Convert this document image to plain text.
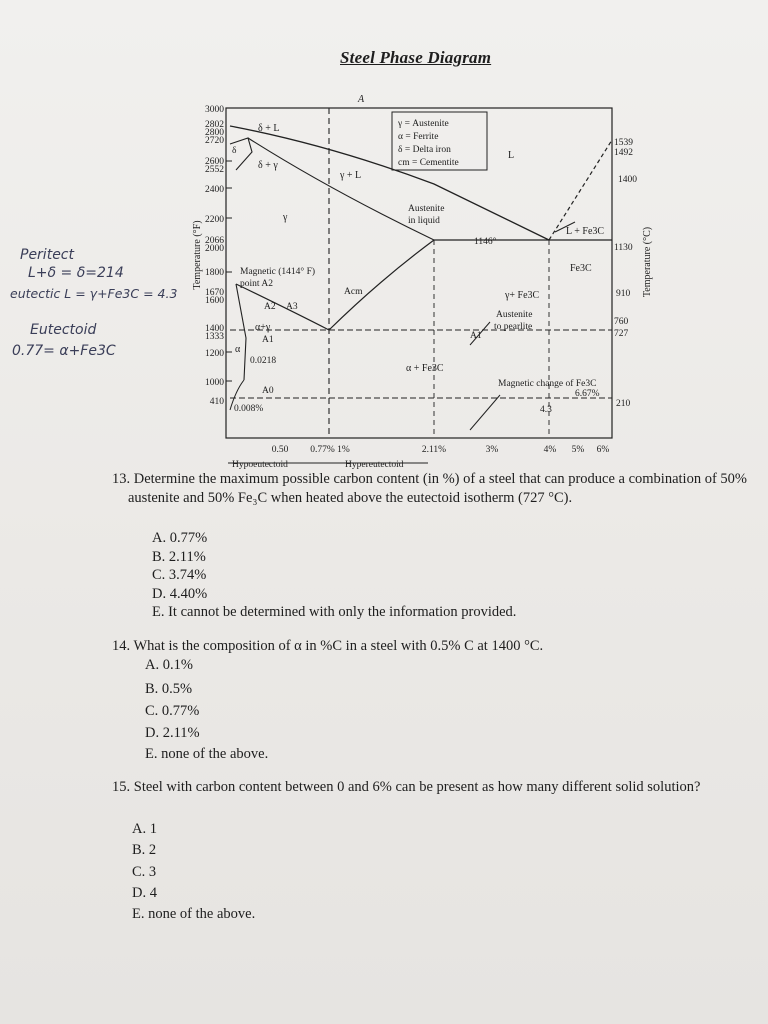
Steel Phase Diagram
3000
2802
2800
2720
2600
2552
2400
2200
2066
2000
1800
1670
1600
1400
1333
1200
1000
410
Temperature (°F)
1539
1492
1400
1130
910
760
727
210
Temperature (°C)
A
γ = Austenite
α = Ferrite
δ = Delta iron
cm = Cementite
δ + L
δ + γ
γ + L
γ
L
L + Fe3C
Fe3C
γ+ Fe3C
α + Fe3C
α+γ
α
δ
Austenite
in liquid
1146°
Magnetic (1414° F)
point A2
Acm
A2 A3
A1
A0
0.0218
0.008%
Austenite
to pearlite
A1
Magnetic change of Fe3C
6.67%
4.3
0.50 0.77% 1%	2.11%	3%	4% 5% 6%
Hypoeutectoid	Hypereutectoid
Peritect
L+δ = δ=214
eutectic L = γ+Fe3C = 4.3
Eutectoid
0.77= α+Fe3C
13. Determine the maximum possible carbon content (in %) of a steel that can produce a combination of 50% austenite and 50% Fe₃C when heated above the eutectoid isotherm (727 °C).
A. 0.77%
B. 2.11%
C. 3.74%
D. 4.40%
E. It cannot be determined with only the information provided.
14. What is the composition of α in %C in a steel with 0.5% C at 1400 °C.
A. 0.1%
B. 0.5%
C. 0.77%
D. 2.11%
E. none of the above.
15. Steel with carbon content between 0 and 6% can be present as how many different solid solution?
A. 1
B. 2
C. 3
D. 4
E. none of the above.
